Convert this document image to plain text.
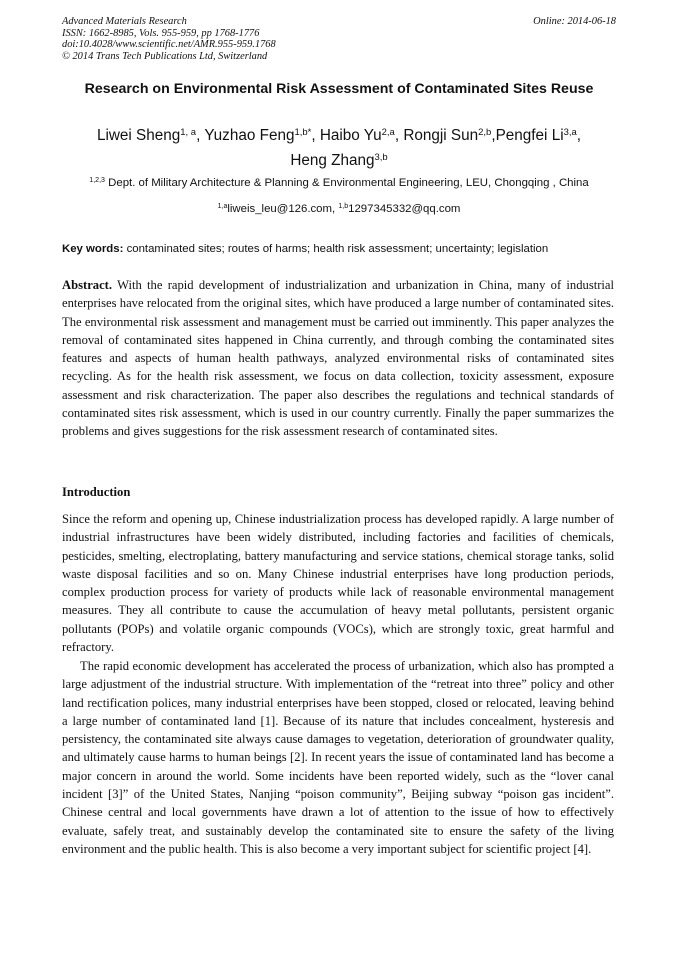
Advanced Materials Research
ISSN: 1662-8985, Vols. 955-959, pp 1768-1776
doi:10.4028/www.scientific.net/AMR.955-959.1768
© 2014 Trans Tech Publications Ltd, Switzerland
Online: 2014-06-18
Research on Environmental Risk Assessment of Contaminated Sites Reuse
Liwei Sheng$^{1, a}$, Yuzhao Feng$^{1,b*}$, Haibo Yu$^{2,a}$, Rongji Sun$^{2,b}$,Pengfei Li$^{3,a}$,
Heng Zhang$^{3,b}$
$^{1,2,3}$ Dept. of Military Architecture & Planning & Environmental Engineering, LEU, Chongqing , China
$^{1,a}$liweis_leu@126.com, $^{1,b}$1297345332@qq.com
Key words: contaminated sites; routes of harms; health risk assessment; uncertainty; legislation

Abstract. With the rapid development of industrialization and urbanization in China, many of industrial enterprises have relocated from the original sites, which have produced a large number of contaminated sites. The environmental risk assessment and management must be carried out imminently. This paper analyzes the removal of contaminated sites happened in China currently, and through combing the contaminated sites features and aspects of human health pathways, analyzed environmental risks of contaminated sites recycling. As for the health risk assessment, we focus on data collection, toxicity assessment, exposure assessment and risk characterization. The paper also describes the regulations and technical standards of contaminated sites risk assessment, which is used in our country currently. Finally the paper summarizes the problems and gives suggestions for the risk assessment research of contaminated sites.

Introduction
Since the reform and opening up, Chinese industrialization process has developed rapidly. A large number of industrial infrastructures have been widely distributed, including factories and facilities of chemicals, pesticides, smelting, electroplating, battery manufacturing and service stations, chemical storage tanks, solid waste disposal facilities and so on. Many Chinese industrial enterprises have long production periods, complex production process for variety of products while lack of reasonable environmental management measures. They all contribute to cause the accumulation of heavy metal pollutants, persistent organic pollutants (POPs) and volatile organic compounds (VOCs), which are strongly toxic, great harmful and refractory.
The rapid economic development has accelerated the process of urbanization, which also has prompted a large adjustment of the industrial structure. With implementation of the “retreat into three” policy and other land rectification polices, many industrial enterprises have been stopped, closed or relocated, leaving behind a large number of contaminated land [1]. Because of its nature that includes concealment, hysteresis and persistency, the contaminated site always cause damages to vegetation, deterioration of groundwater quality, and ultimately cause harms to human beings [2]. In recent years the issue of contaminated land has become a major concern in around the world. Some incidents have been reported widely, such as the “lover canal incident [3]” of the United States, Nanjing “poison community”, Beijing subway “poison gas incident”. Chinese central and local governments have drawn a lot of attention to the issue of how to effectively evaluate, safely treat, and sustainably develop the contaminated site to ensure the safety of the living environment and the public health. This is also become a very important subject for scientific project [4].
